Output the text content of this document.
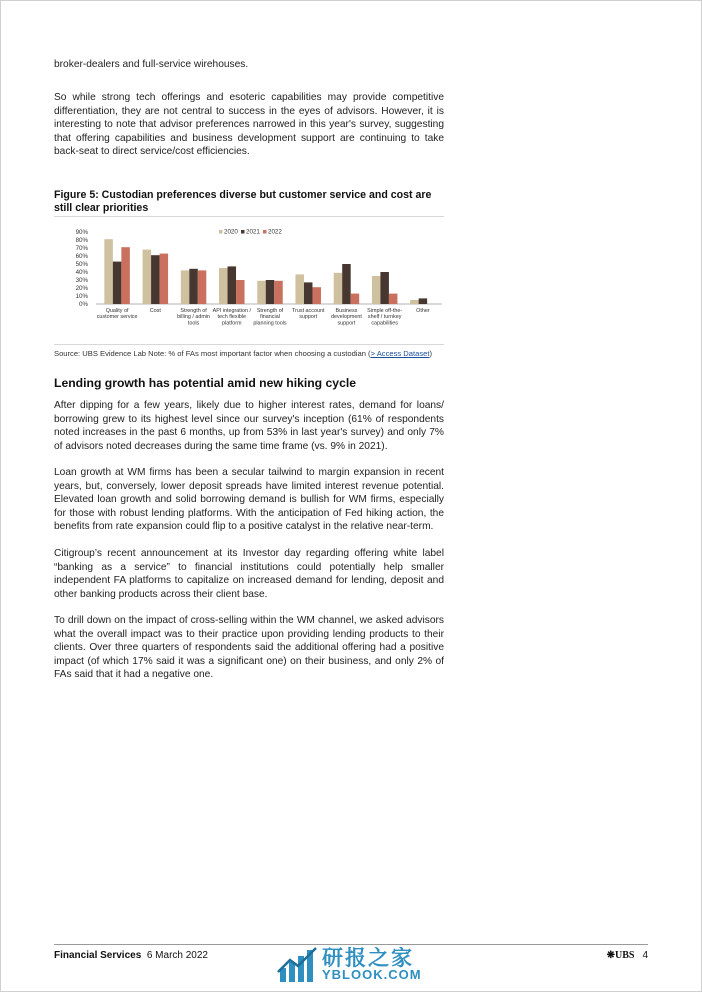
broker-dealers and full-service wirehouses.

So while strong tech offerings and esoteric capabilities may provide competitive differentiation, they are not central to success in the eyes of advisors. However, it is interesting to note that advisor preferences narrowed in this year's survey, suggesting that offering capabilities and business development support are continuing to take back-seat to direct service/cost efficiencies.

Figure 5: Custodian preferences diverse but customer service and cost are still clear priorities
0%
10%
20%
30%
40%
50%
60%
70%
80%
90%
Quality of customer service
Cost	Strength of billing / admin tools
API integration / tech flexible platform
Strength of financial planning tools
Trust account support
Business development support
Simple off-the-shelf / turnkey capabilities
Other
2020 2021 2022
Source: UBS Evidence Lab Note: % of FAs most important factor when choosing a custodian (> Access Dataset)
Lending growth has potential amid new hiking cycle

After dipping for a few years, likely due to higher interest rates, demand for loans/ borrowing grew to its highest level since our survey's inception (61% of respondents noted increases in the past 6 months, up from 53% in last year's survey) and only 7% of advisors noted decreases during the same time frame (vs. 9% in 2021).

Loan growth at WM firms has been a secular tailwind to margin expansion in recent years, but, conversely, lower deposit spreads have limited interest revenue potential. Elevated loan growth and solid borrowing demand is bullish for WM firms, especially for those with robust lending platforms. With the anticipation of Fed hiking action, the benefits from rate expansion could flip to a positive catalyst in the relative near-term.

Citigroup’s recent announcement at its Investor day regarding offering white label “banking as a service” to financial institutions could potentially help smaller independent FA platforms to capitalize on increased demand for lending, deposit and other banking products across their client base.

To drill down on the impact of cross-selling within the WM channel, we asked advisors what the overall impact was to their practice upon providing lending products to their clients. Over three quarters of respondents said the additional offering had a positive impact (of which 17% said it was a significant one) on their business, and only 2% of FAs said that it had a negative one.

研报之家
YBLOOK.COM
Financial Services 6 March 2022	❋UBS 4
